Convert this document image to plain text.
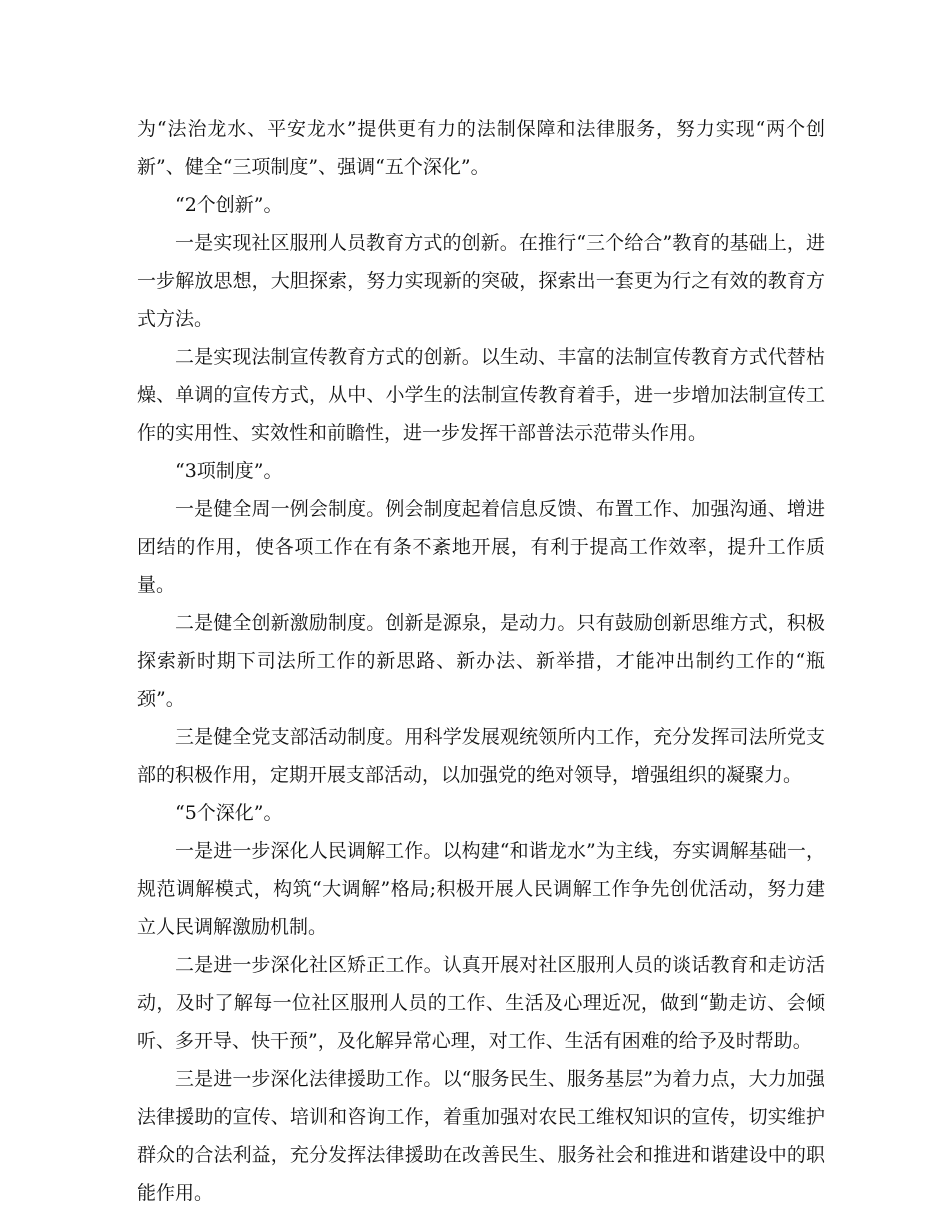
为“法治龙水、平安龙水”提供更有力的法制保障和法律服务，努力实现“两个创新”、健全“三项制度”、强调“五个深化”。

“2个创新”。

一是实现社区服刑人员教育方式的创新。在推行“三个给合”教育的基础上，进一步解放思想，大胆探索，努力实现新的突破，探索出一套更为行之有效的教育方式方法。

二是实现法制宣传教育方式的创新。以生动、丰富的法制宣传教育方式代替枯燥、单调的宣传方式，从中、小学生的法制宣传教育着手，进一步增加法制宣传工作的实用性、实效性和前瞻性，进一步发挥干部普法示范带头作用。

“3项制度”。

一是健全周一例会制度。例会制度起着信息反馈、布置工作、加强沟通、增进团结的作用，使各项工作在有条不紊地开展，有利于提高工作效率，提升工作质量。

二是健全创新激励制度。创新是源泉，是动力。只有鼓励创新思维方式，积极探索新时期下司法所工作的新思路、新办法、新举措，才能冲出制约工作的“瓶颈”。

三是健全党支部活动制度。用科学发展观统领所内工作，充分发挥司法所党支部的积极作用，定期开展支部活动，以加强党的绝对领导，增强组织的凝聚力。

“5个深化”。

一是进一步深化人民调解工作。以构建“和谐龙水”为主线，夯实调解基础一，规范调解模式，构筑“大调解”格局;积极开展人民调解工作争先创优活动，努力建立人民调解激励机制。

二是进一步深化社区矫正工作。认真开展对社区服刑人员的谈话教育和走访活动，及时了解每一位社区服刑人员的工作、生活及心理近况，做到“勤走访、会倾听、多开导、快干预”，及化解异常心理，对工作、生活有困难的给予及时帮助。

三是进一步深化法律援助工作。以“服务民生、服务基层”为着力点，大力加强法律援助的宣传、培训和咨询工作，着重加强对农民工维权知识的宣传，切实维护群众的合法利益，充分发挥法律援助在改善民生、服务社会和推进和谐建设中的职能作用。
